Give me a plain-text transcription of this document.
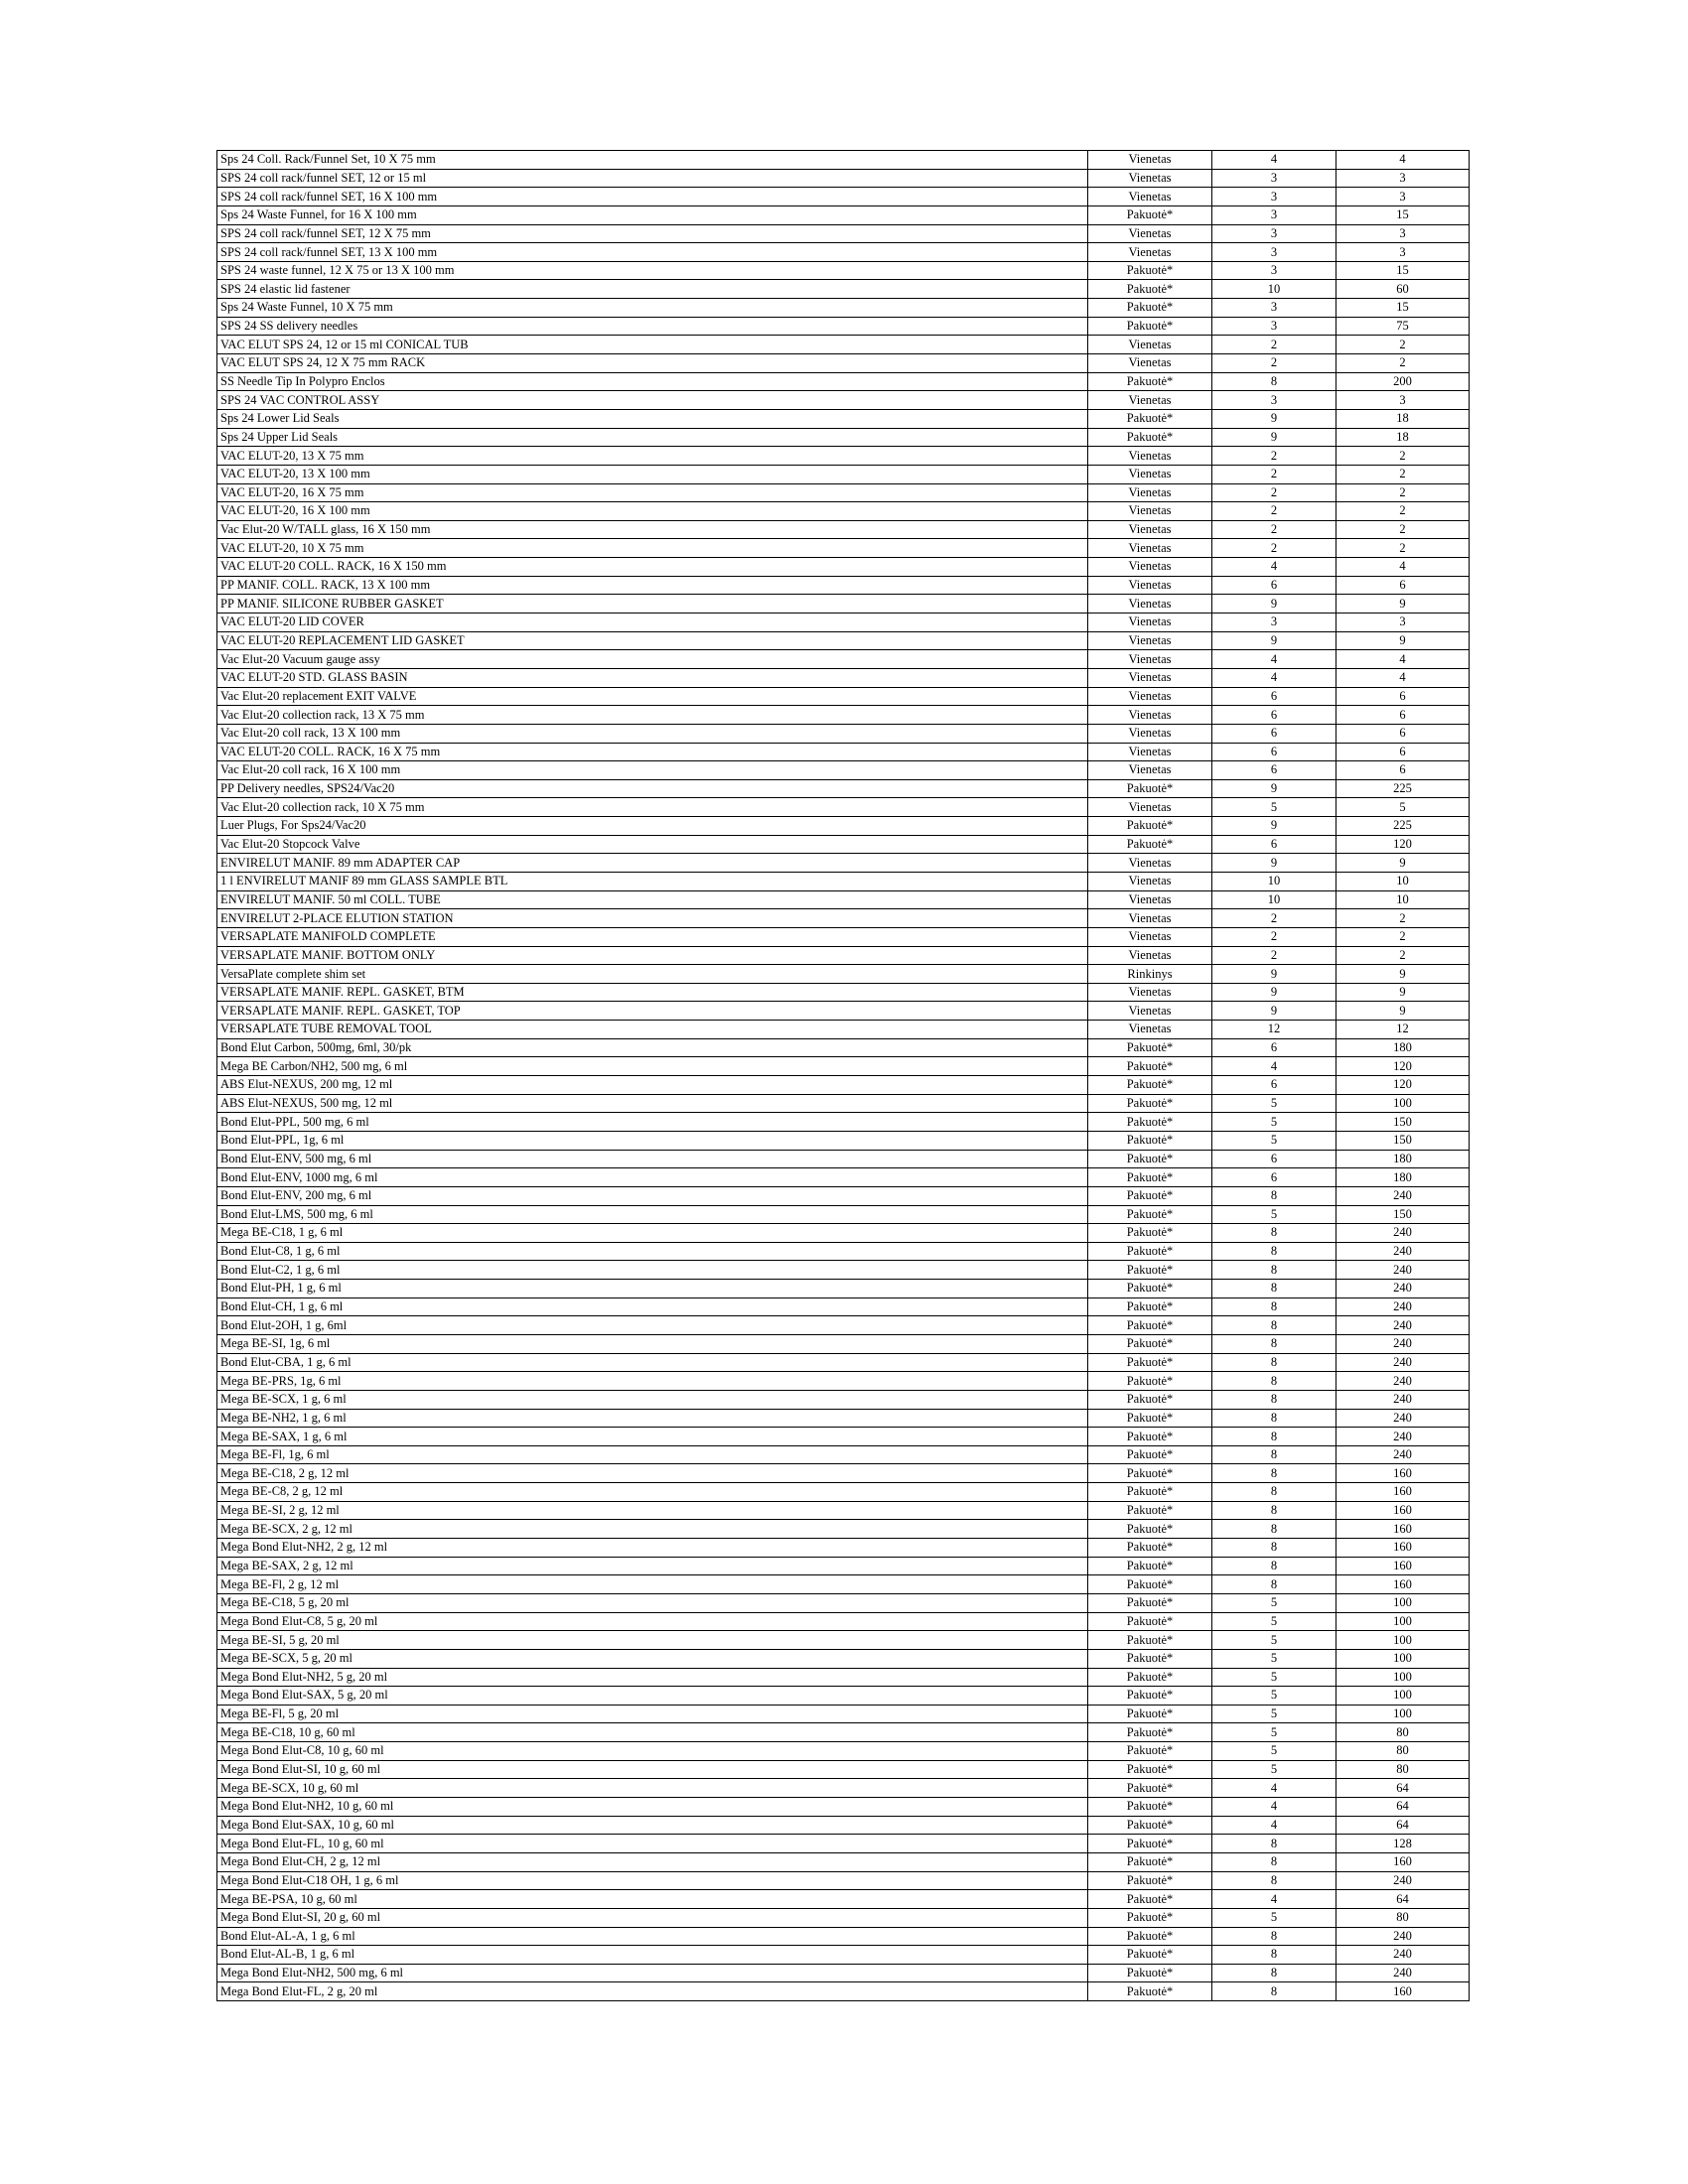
Sps 24 Coll. Rack/Funnel Set, 10 X 75 mm	Vienetas	4	4
SPS 24 coll rack/funnel SET, 12 or 15 ml	Vienetas	3	3
SPS 24 coll rack/funnel SET, 16 X 100 mm	Vienetas	3	3
Sps 24 Waste Funnel, for 16 X 100 mm	Pakuotė*	3	15
SPS 24 coll rack/funnel SET, 12 X 75 mm	Vienetas	3	3
SPS 24 coll rack/funnel SET, 13 X 100 mm	Vienetas	3	3
SPS 24 waste funnel, 12 X 75 or 13 X 100 mm	Pakuotė*	3	15
SPS 24 elastic lid fastener	Pakuotė*	10	60
Sps 24 Waste Funnel, 10 X 75 mm	Pakuotė*	3	15
SPS 24 SS delivery needles	Pakuotė*	3	75
VAC ELUT SPS 24, 12 or 15 ml CONICAL TUB	Vienetas	2	2
VAC ELUT SPS 24, 12 X 75 mm RACK	Vienetas	2	2
SS Needle Tip In Polypro Enclos	Pakuotė*	8	200
SPS 24 VAC CONTROL ASSY	Vienetas	3	3
Sps 24 Lower Lid Seals	Pakuotė*	9	18
Sps 24 Upper Lid Seals	Pakuotė*	9	18
VAC ELUT-20, 13 X 75 mm	Vienetas	2	2
VAC ELUT-20, 13 X 100 mm	Vienetas	2	2
VAC ELUT-20, 16 X 75 mm	Vienetas	2	2
VAC ELUT-20, 16 X 100 mm	Vienetas	2	2
Vac Elut-20 W/TALL glass, 16 X 150 mm	Vienetas	2	2
VAC ELUT-20, 10 X 75 mm	Vienetas	2	2
VAC ELUT-20 COLL. RACK, 16 X 150 mm	Vienetas	4	4
PP MANIF. COLL. RACK, 13 X 100 mm	Vienetas	6	6
PP MANIF. SILICONE RUBBER GASKET	Vienetas	9	9
VAC ELUT-20 LID COVER	Vienetas	3	3
VAC ELUT-20 REPLACEMENT LID GASKET	Vienetas	9	9
Vac Elut-20 Vacuum gauge assy	Vienetas	4	4
VAC ELUT-20 STD. GLASS BASIN	Vienetas	4	4
Vac Elut-20 replacement EXIT VALVE	Vienetas	6	6
Vac Elut-20 collection rack, 13 X 75 mm	Vienetas	6	6
Vac Elut-20 coll rack, 13 X 100 mm	Vienetas	6	6
VAC ELUT-20 COLL. RACK, 16 X 75 mm	Vienetas	6	6
Vac Elut-20 coll rack, 16 X 100 mm	Vienetas	6	6
PP Delivery needles, SPS24/Vac20	Pakuotė*	9	225
Vac Elut-20 collection rack, 10 X 75 mm	Vienetas	5	5
Luer Plugs, For Sps24/Vac20	Pakuotė*	9	225
Vac Elut-20 Stopcock Valve	Pakuotė*	6	120
ENVIRELUT MANIF. 89 mm ADAPTER CAP	Vienetas	9	9
1 l ENVIRELUT MANIF 89 mm GLASS SAMPLE BTL	Vienetas	10	10
ENVIRELUT MANIF. 50 ml COLL. TUBE	Vienetas	10	10
ENVIRELUT 2-PLACE ELUTION STATION	Vienetas	2	2
VERSAPLATE MANIFOLD COMPLETE	Vienetas	2	2
VERSAPLATE MANIF. BOTTOM ONLY	Vienetas	2	2
VersaPlate complete shim set	Rinkinys	9	9
VERSAPLATE MANIF. REPL. GASKET, BTM	Vienetas	9	9
VERSAPLATE MANIF. REPL. GASKET, TOP	Vienetas	9	9
VERSAPLATE TUBE REMOVAL TOOL	Vienetas	12	12
Bond Elut Carbon, 500mg, 6ml, 30/pk	Pakuotė*	6	180
Mega BE Carbon/NH2, 500 mg, 6 ml	Pakuotė*	4	120
ABS Elut-NEXUS, 200 mg, 12 ml	Pakuotė*	6	120
ABS Elut-NEXUS, 500 mg, 12 ml	Pakuotė*	5	100
Bond Elut-PPL, 500 mg, 6 ml	Pakuotė*	5	150
Bond Elut-PPL, 1g, 6 ml	Pakuotė*	5	150
Bond Elut-ENV, 500 mg, 6 ml	Pakuotė*	6	180
Bond Elut-ENV, 1000 mg, 6 ml	Pakuotė*	6	180
Bond Elut-ENV, 200 mg, 6 ml	Pakuotė*	8	240
Bond Elut-LMS, 500 mg, 6 ml	Pakuotė*	5	150
Mega BE-C18, 1 g, 6 ml	Pakuotė*	8	240
Bond Elut-C8, 1 g, 6 ml	Pakuotė*	8	240
Bond Elut-C2, 1 g, 6 ml	Pakuotė*	8	240
Bond Elut-PH, 1 g, 6 ml	Pakuotė*	8	240
Bond Elut-CH, 1 g, 6 ml	Pakuotė*	8	240
Bond Elut-2OH, 1 g, 6ml	Pakuotė*	8	240
Mega BE-SI, 1g, 6 ml	Pakuotė*	8	240
Bond Elut-CBA, 1 g, 6 ml	Pakuotė*	8	240
Mega BE-PRS, 1g, 6 ml	Pakuotė*	8	240
Mega BE-SCX, 1 g, 6 ml	Pakuotė*	8	240
Mega BE-NH2, 1 g, 6 ml	Pakuotė*	8	240
Mega BE-SAX, 1 g, 6 ml	Pakuotė*	8	240
Mega BE-Fl, 1g, 6 ml	Pakuotė*	8	240
Mega BE-C18, 2 g, 12 ml	Pakuotė*	8	160
Mega BE-C8, 2 g, 12 ml	Pakuotė*	8	160
Mega BE-SI, 2 g, 12 ml	Pakuotė*	8	160
Mega BE-SCX, 2 g, 12 ml	Pakuotė*	8	160
Mega Bond Elut-NH2, 2 g, 12 ml	Pakuotė*	8	160
Mega BE-SAX, 2 g, 12 ml	Pakuotė*	8	160
Mega BE-Fl, 2 g, 12 ml	Pakuotė*	8	160
Mega BE-C18, 5 g, 20 ml	Pakuotė*	5	100
Mega Bond Elut-C8, 5 g, 20 ml	Pakuotė*	5	100
Mega BE-SI, 5 g, 20 ml	Pakuotė*	5	100
Mega BE-SCX, 5 g, 20 ml	Pakuotė*	5	100
Mega Bond Elut-NH2, 5 g, 20 ml	Pakuotė*	5	100
Mega Bond Elut-SAX, 5 g, 20 ml	Pakuotė*	5	100
Mega BE-Fl, 5 g, 20 ml	Pakuotė*	5	100
Mega BE-C18, 10 g, 60 ml	Pakuotė*	5	80
Mega Bond Elut-C8, 10 g, 60 ml	Pakuotė*	5	80
Mega Bond Elut-SI, 10 g, 60 ml	Pakuotė*	5	80
Mega BE-SCX, 10 g, 60 ml	Pakuotė*	4	64
Mega Bond Elut-NH2, 10 g, 60 ml	Pakuotė*	4	64
Mega Bond Elut-SAX, 10 g, 60 ml	Pakuotė*	4	64
Mega Bond Elut-FL, 10 g, 60 ml	Pakuotė*	8	128
Mega Bond Elut-CH, 2 g, 12 ml	Pakuotė*	8	160
Mega Bond Elut-C18 OH, 1 g, 6 ml	Pakuotė*	8	240
Mega BE-PSA, 10 g, 60 ml	Pakuotė*	4	64
Mega Bond Elut-SI, 20 g, 60 ml	Pakuotė*	5	80
Bond Elut-AL-A, 1 g, 6 ml	Pakuotė*	8	240
Bond Elut-AL-B, 1 g, 6 ml	Pakuotė*	8	240
Mega Bond Elut-NH2, 500 mg, 6 ml	Pakuotė*	8	240
Mega Bond Elut-FL, 2 g, 20 ml	Pakuotė*	8	160
